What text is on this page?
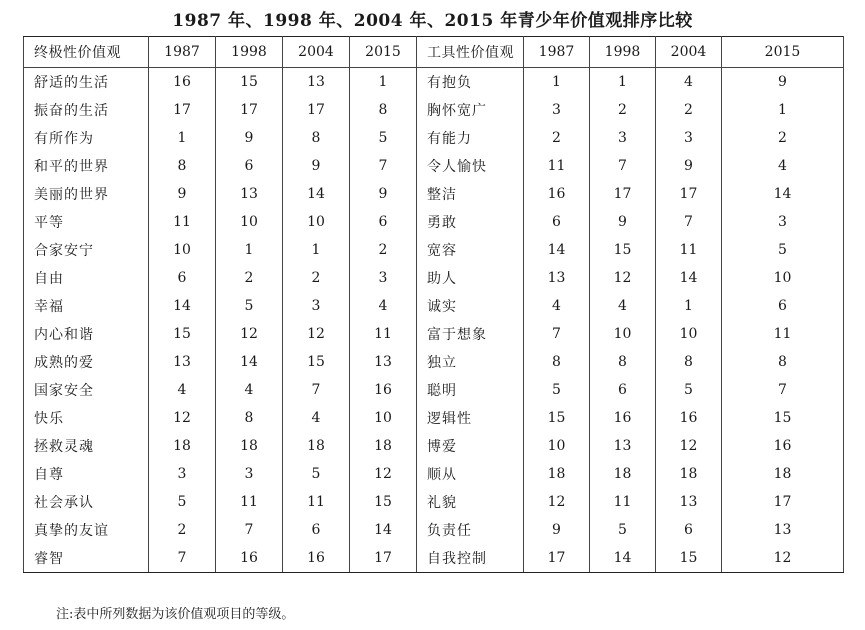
1987 年、1998 年、2004 年、2015 年青少年价值观排序比较
终极性价值观	1987	1998	2004	2015	工具性价值观	1987	1998	2004	2015
舒适的生活	16	15	13	1	有抱负	1	1	4	9
振奋的生活	17	17	17	8	胸怀宽广	3	2	2	1
有所作为	1	9	8	5	有能力	2	3	3	2
和平的世界	8	6	9	7	令人愉快	11	7	9	4
美丽的世界	9	13	14	9	整洁	16	17	17	14
平等	11	10	10	6	勇敢	6	9	7	3
合家安宁	10	1	1	2	宽容	14	15	11	5
自由	6	2	2	3	助人	13	12	14	10
幸福	14	5	3	4	诚实	4	4	1	6
内心和谐	15	12	12	11	富于想象	7	10	10	11
成熟的爱	13	14	15	13	独立	8	8	8	8
国家安全	4	4	7	16	聪明	5	6	5	7
快乐	12	8	4	10	逻辑性	15	16	16	15
拯救灵魂	18	18	18	18	博爱	10	13	12	16
自尊	3	3	5	12	顺从	18	18	18	18
社会承认	5	11	11	15	礼貌	12	11	13	17
真挚的友谊	2	7	6	14	负责任	9	5	6	13
睿智	7	16	16	17	自我控制	17	14	15	12
注:表中所列数据为该价值观项目的等级。
